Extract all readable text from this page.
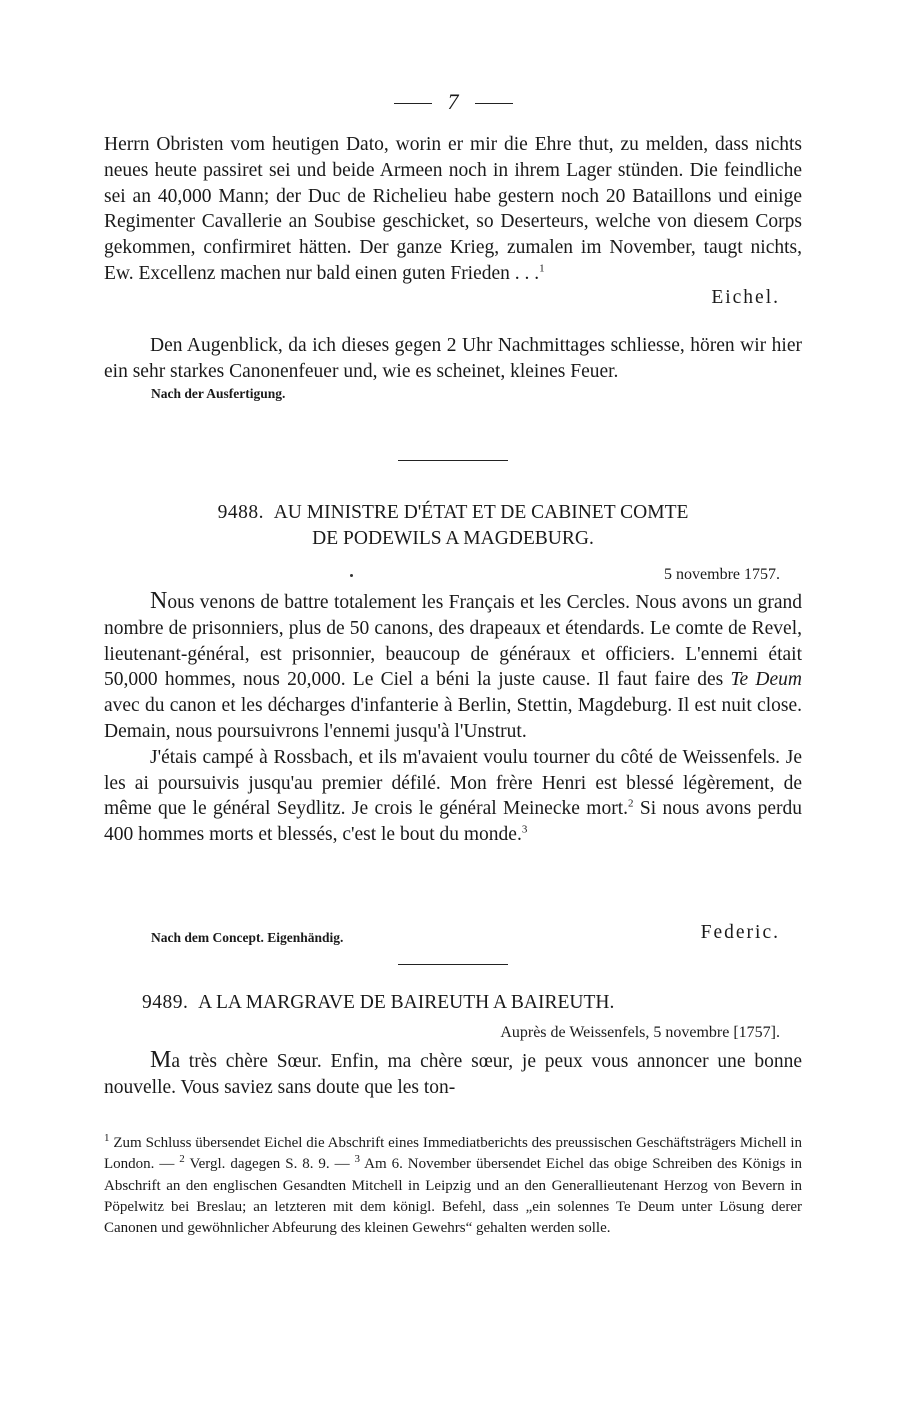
7

Herrn Obristen vom heutigen Dato, worin er mir die Ehre thut, zu melden, dass nichts neues heute passiret sei und beide Armeen noch in ihrem Lager stünden. Die feindliche sei an 40,000 Mann; der Duc de Richelieu habe gestern noch 20 Bataillons und einige Regimenter Cavallerie an Soubise geschicket, so Deserteurs, welche von diesem Corps gekommen, confirmiret hätten. Der ganze Krieg, zumalen im November, taugt nichts, Ew. Excellenz machen nur bald einen guten Frieden . . .$^1$

Eichel.

Den Augenblick, da ich dieses gegen 2 Uhr Nachmittages schliesse, hören wir hier ein sehr starkes Canonenfeuer und, wie es scheinet, kleines Feuer.

Nach der Ausfertigung.

9488. AU MINISTRE D'ÉTAT ET DE CABINET COMTE
DE PODEWILS A MAGDEBURG.

5 novembre 1757.

Nous venons de battre totalement les Français et les Cercles. Nous avons un grand nombre de prisonniers, plus de 50 canons, des drapeaux et étendards. Le comte de Revel, lieutenant-général, est prisonnier, beaucoup de généraux et officiers. L'ennemi était 50,000 hommes, nous 20,000. Le Ciel a béni la juste cause. Il faut faire des Te Deum avec du canon et les décharges d'infanterie à Berlin, Stettin, Magdeburg. Il est nuit close. Demain, nous poursuivrons l'ennemi jusqu'à l'Unstrut.

J'étais campé à Rossbach, et ils m'avaient voulu tourner du côté de Weissenfels. Je les ai poursuivis jusqu'au premier défilé. Mon frère Henri est blessé légèrement, de même que le général Seydlitz. Je crois le général Meinecke mort.$^2$ Si nous avons perdu 400 hommes morts et blessés, c'est le bout du monde.$^3$

Nach dem Concept. Eigenhändig.	Federic.

9489. A LA MARGRAVE DE BAIREUTH A BAIREUTH.

Auprès de Weissenfels, 5 novembre [1757].

Ma très chère Sœur. Enfin, ma chère sœur, je peux vous annoncer une bonne nouvelle. Vous saviez sans doute que les ton-

$^1$ Zum Schluss übersendet Eichel die Abschrift eines Immediatberichts des preussischen Geschäftsträgers Michell in London. — $^2$ Vergl. dagegen S. 8. 9. — $^3$ Am 6. November übersendet Eichel das obige Schreiben des Königs in Abschrift an den englischen Gesandten Mitchell in Leipzig und an den Generallieutenant Herzog von Bevern in Pöpelwitz bei Breslau; an letzteren mit dem königl. Befehl, dass „ein solennes Te Deum unter Lösung derer Canonen und gewöhnlicher Abfeurung des kleinen Gewehrs“ gehalten werden solle.
